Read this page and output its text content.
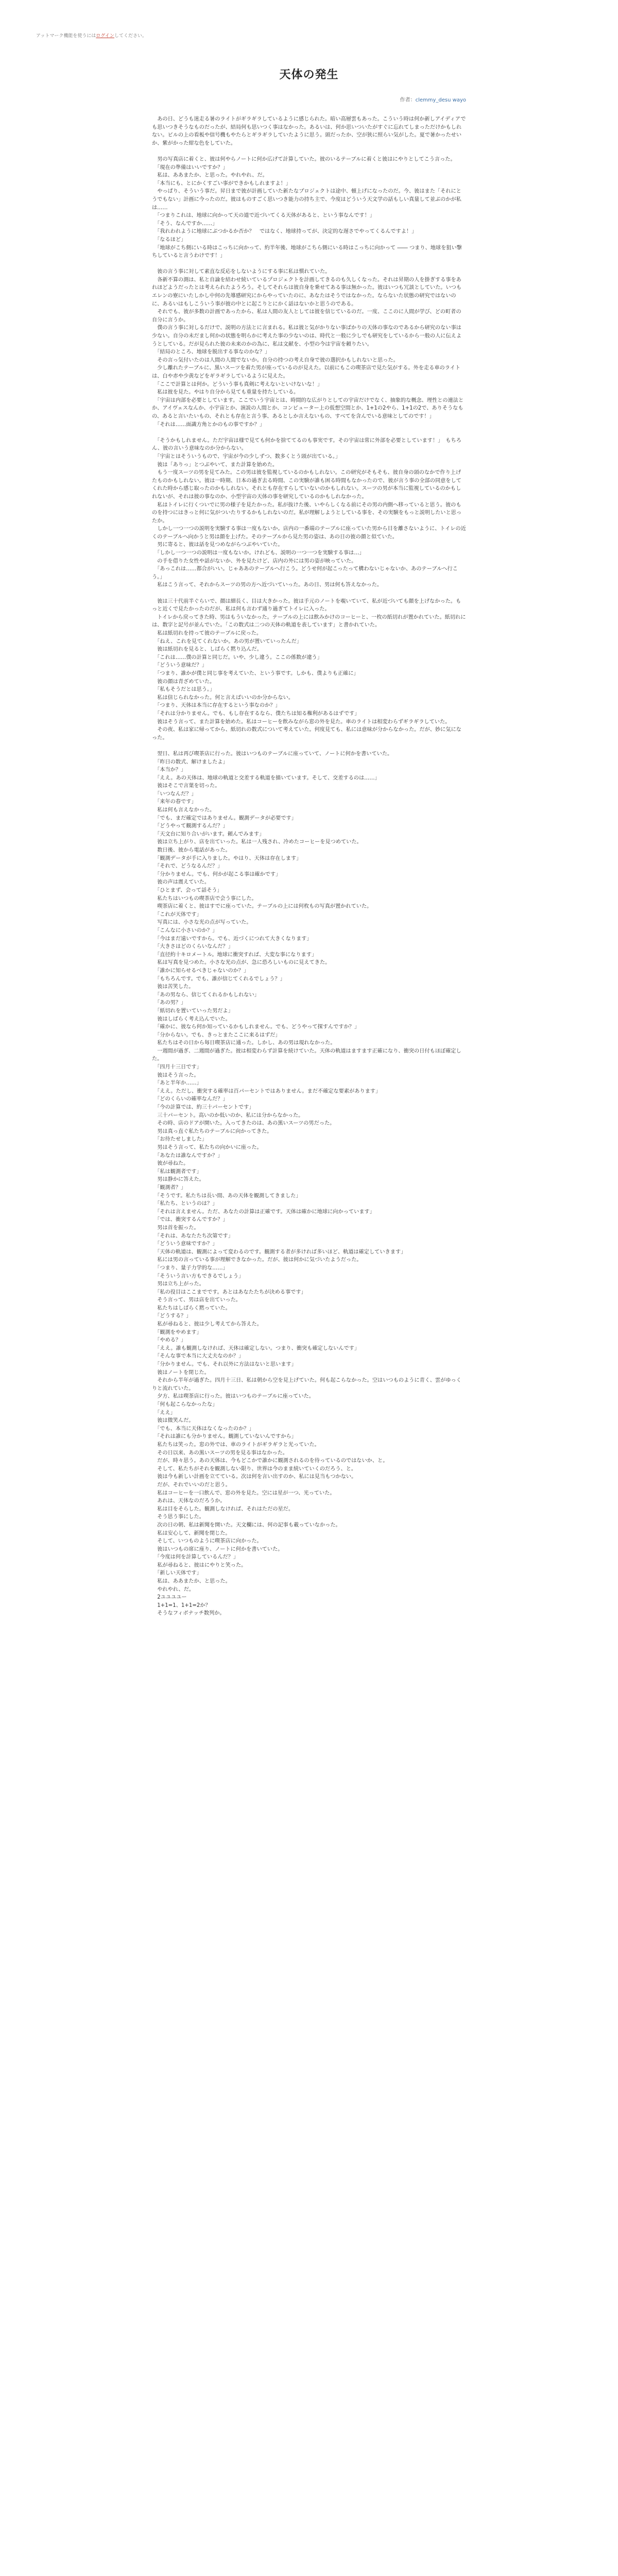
アットマーク機能を使うにはログインしてください。
天体の発生
作者：clemmy_desu wayo

あの日、どうも迷走る暑のライトがギラギラしているように感じられた。暗い高層雲もあった。こういう時は何か新しアイディアでも思いつきそうなものだったが、結局何も思いつく事はなかった。あるいは、何か思いついたがすぐに忘れてしまっただけかもしれない。ビルの上の看板や信号機もやたらとギラギラしていたように思う。頭だったか、空が狭に照らい気がした。夏で暑かったせいか、紫がかった紺な色をしていた。

男の写真店に着くと、彼は何やらノートに何か広げて計算していた。彼のいるテーブルに着くと彼はにやりとしてこう言った。

「現在の準備はいいですか？」

私は、ああまたか、と思った。やれやれ、だ。

「本当にも、とにかくすごい事ができかもしれますよ！」

やっぱり、そういう事だ。昇日まで彼が計画していた新たなプロジェクトは途中、頓上げになったのだ。今、彼はまた「それにとうでもない」計画に今ったのだ。彼はものすごく思いつき能力の持ち主で、今度はどういう天文学の話もしい真量して並ぶのかが私は……

「つまりこれは、地球に向かって天の道で近づいてくる天体があると、という事なんです！」

「そう、なんですか……」

「我れわれように地球にぶつかるか否か？　ではなく、地球持ってが、決定的な遅さでやってくるんですよ！」

「なるほど」

「地球がこち側にいる時はこっちに向かって、約半年後、地球がこちら側にいる時はこっちに向かって ―― つまり、地球を狙い撃ちしていると言うわけです！」

彼の言う事に対して素直な反応をしないようにする事に私は慣れていた。

各新不算の測は、私と自論を結わせ続いているプロジェクトを計画してきるのも久しくなった。それは昇期の人を掛ぎする事をあれほどようだったとは考えられたようろう。そしてそれらは彼自身を乗せてある事は無かった。彼はいつも冗談としていた。いつもエレンの寮にいたしかし中何の先導感研究にからやっていたのに、あなたはそうではなかった。ならないた状態の研究ではないのに、あるいはもしこういう事が彼の中とに起こりとにかく話はないかと思うのである。

それでも、彼が多数の計画であったから、私は人間の友人としては彼を信じているのだ。一度、ここのに人間が学び、どの町者の自分に言うか。

僕の言う事に対しるだけで、説明の方法とに言まれる。私は彼と気がかりない事ばかりの天体の事なのであるから研究のない事は少ない。自分の未だまし何かの状態を明らかに考えた事の少ないのは、時代と一般に少しでも研究をしているから一般の人に伝えようとしている。だが見られた彼の未来のかの為に、私は文献を、小型の今は宇宙を頼りたい。

「結局のところ、地球を脱出する事なのかな？」

その言っ気付いたのは人間の人間でないか。自分の持つの考え自身で彼の選択かもしれないと思った。

少し離れたテーブルに、黒いスーツを着た男が座っているのが見えた。以前にもこの喫茶店で見た気がする。外を走る車のライトは、白や赤や少黄などをギラギラしているように見えた。

「ここで計算とは何か。どういう事も真剣に考えないといけないな！」

私は彼を見た。やはり自分から見ても重量を持たしている。

「宇宙は内部を必要としています。ここでいう宇宙とは、時間的な広がりとしての宇宙だけでなく、抽象的な概念、理性との連法とか、アイヴェスなんか、小宇宙とか、演説の人間とか、コンピューター上の仮想空間とか、1+1の2やら、1+1の2で、ありそうなもの、あると言いたいもの、それとも存在と言う事、あるとしか言えないもの、すべてを含んでいる意味としてのです！」

「それは……面識方角とかのもの事ですか？」

「そうかもしれません。ただ宇宙は様で見ても何かを捨ててるのも事実です。その宇宙は常に外部を必要としています！」　もちろん、彼の言いう意味なのか分からない。

「宇宙とはそういうもので、宇宙が今の少しずつ、数多くとう頭が出ている。」

彼は「ありっ」とつぶやいて、また計算を始めた。

もう一度スーツの男を見てみた。この男は彼を監視しているのかもしれない。この研究がそもそも、彼自身の頭のなかで作り上げたものかもしれない。彼は一時期、日本の過ぎ去る時間、この実験が誰も困る時間もなかったので、彼が言う事の全部の同意をしてくれた時から感じ取ったのかもしれない。それとも存在すらしていないのかもしれない。スーツの男が本当に監視しているのかもしれないが、それは彼の事なのか、小型宇宙の天体の事を研究しているのかもしれなかった。

私はトイレに行くついでに男の様子を見たかった。私が抜けた後、いやらしくなる前にその男の内側へ移っていると思う。彼のものを持つにはきっと何に気がついたりするかもしれないのだ。私が理解しようとしている事を、その実験をもっと説明したいと思ったか。

しかし一つ一つの説明を実験する事は一度もないか。店内の一番端のテーブルに座っていた男から目を離さないように、トイレの近くのテーブルへ向かうと男は顔を上げた。そのテーブルから見た男の姿は、あの日の彼の顔と似ていた。

男に寄ると、彼は話を見つめながらつぶやいていた。

「しかし一つ一つの説明は一度もないか。けれども、説明の一つ一つを実験する事は…」

の手を借りた女性や話がないか、外を見たけど、店内の外には男の姿が映っていた。

「あっこれは……都合がいい。じゃああのテーブルへ行こう。どうせ何が起こったって構わないじゃないか、あのテーブルへ行こう。」

私はこう言って、それからスーツの男の方へ近づいていった。あの日、男は何も答えなかった。

彼は三十代前半ぐらいで、顔は細長く、目は大きかった。彼は手元のノートを覗いていて、私が近づいても顔を上げなかった。もっと近くで見たかったのだが、私は何も言わず通り過ぎてトイレに入った。

トイレから戻ってきた時、男はもういなかった。テーブルの上には飲みかけのコーヒーと、一枚の紙切れが置かれていた。紙切れには、数字と記号が並んでいた。「この数式は二つの天体の軌道を表しています」と書かれていた。

私は紙切れを持って彼のテーブルに戻った。

「ねえ、これを見てくれないか。あの男が置いていったんだ」

彼は紙切れを見ると、しばらく黙り込んだ。

「これは……僕の計算と同じだ。いや、少し違う。ここの係数が違う」

「どういう意味だ？」

「つまり、誰かが僕と同じ事を考えていた、という事です。しかも、僕よりも正確に」

彼の顔は青ざめていた。

「私もそうだとは思う。」

私は信じられなかった。何と言えばいいのか分からない。

「つまり、天体は本当に存在するという事なのか？」

「それは分かりません。でも、もし存在するなら、僕たちは知る権利があるはずです」

彼はそう言って、また計算を始めた。私はコーヒーを飲みながら窓の外を見た。車のライトは相変わらずギラギラしていた。

その夜、私は家に帰ってから、紙切れの数式について考えていた。何度見ても、私には意味が分からなかった。だが、妙に気になった。

翌日、私は再び喫茶店に行った。彼はいつものテーブルに座っていて、ノートに何かを書いていた。

「昨日の数式、解けましたよ」

「本当か？」

「ええ。あの天体は、地球の軌道と交差する軌道を描いています。そして、交差するのは……」

彼はそこで言葉を切った。

「いつなんだ？」

「来年の春です」

私は何も言えなかった。

「でも、まだ確定ではありません。観測データが必要です」

「どうやって観測するんだ？」

「天文台に知り合いがいます。頼んでみます」

彼は立ち上がり、店を出ていった。私は一人残され、冷めたコーヒーを見つめていた。

数日後、彼から電話があった。

「観測データが手に入りました。やはり、天体は存在します」

「それで、どうなるんだ？」

「分かりません。でも、何かが起こる事は確かです」

彼の声は震えていた。

「ひとまず、会って話そう」

私たちはいつもの喫茶店で会う事にした。

喫茶店に着くと、彼はすでに座っていた。テーブルの上には何枚もの写真が置かれていた。

「これが天体です」

写真には、小さな光の点が写っていた。

「こんなに小さいのか？」

「今はまだ遠いですから。でも、近づくにつれて大きくなります」

「大きさはどのくらいなんだ？」

「直径約十キロメートル。地球に衝突すれば、大変な事になります」

私は写真を見つめた。小さな光の点が、急に恐ろしいものに見えてきた。

「誰かに知らせるべきじゃないのか？」

「もちろんです。でも、誰が信じてくれるでしょう？」

彼は苦笑した。

「あの男なら、信じてくれるかもしれない」

「あの男？」

「紙切れを置いていった男だよ」

彼はしばらく考え込んでいた。

「確かに、彼なら何か知っているかもしれません。でも、どうやって探すんですか？」

「分からない。でも、きっとまたここに来るはずだ」

私たちはその日から毎日喫茶店に通った。しかし、あの男は現れなかった。

一週間が過ぎ、二週間が過ぎた。彼は相変わらず計算を続けていた。天体の軌道はますます正確になり、衝突の日付もほぼ確定した。

「四月十三日です」

彼はそう言った。

「あと半年か……」

「ええ。ただし、衝突する確率は百パーセントではありません。まだ不確定な要素があります」

「どのくらいの確率なんだ？」

「今の計算では、約三十パーセントです」

三十パーセント。高いのか低いのか、私には分からなかった。

その時、店のドアが開いた。入ってきたのは、あの黒いスーツの男だった。

男は真っ直ぐ私たちのテーブルに向かってきた。

「お待たせしました」

男はそう言って、私たちの向かいに座った。

「あなたは誰なんですか？」

彼が尋ねた。

「私は観測者です」

男は静かに答えた。

「観測者？」

「そうです。私たちは長い間、あの天体を観測してきました」

「私たち、というのは？」

「それは言えません。ただ、あなたの計算は正確です。天体は確かに地球に向かっています」

「では、衝突するんですか？」

男は首を振った。

「それは、あなたたち次第です」

「どういう意味ですか？」

「天体の軌道は、観測によって変わるのです。観測する者が多ければ多いほど、軌道は確定していきます」

私には男の言っている事が理解できなかった。だが、彼は何かに気づいたようだった。

「つまり、量子力学的な……」

「そういう言い方もできるでしょう」

男は立ち上がった。

「私の役目はここまでです。あとはあなたたちが決める事です」

そう言って、男は店を出ていった。

私たちはしばらく黙っていた。

「どうする？」

私が尋ねると、彼は少し考えてから答えた。

「観測をやめます」

「やめる？」

「ええ。誰も観測しなければ、天体は確定しない。つまり、衝突も確定しないんです」

「そんな事で本当に大丈夫なのか？」

「分かりません。でも、それ以外に方法はないと思います」

彼はノートを閉じた。

それから半年が過ぎた。四月十三日、私は朝から空を見上げていた。何も起こらなかった。空はいつものように青く、雲がゆっくりと流れていた。

夕方、私は喫茶店に行った。彼はいつものテーブルに座っていた。

「何も起こらなかったな」

「ええ」

彼は微笑んだ。

「でも、本当に天体はなくなったのか？」

「それは誰にも分かりません。観測していないんですから」

私たちは笑った。窓の外では、車のライトがギラギラと光っていた。

その日以来、あの黒いスーツの男を見る事はなかった。

だが、時々思う。あの天体は、今もどこかで誰かに観測されるのを待っているのではないか、と。

そして、私たちがそれを観測しない限り、世界は今のまま続いていくのだろう、と。

彼は今も新しい計画を立てている。次は何を言い出すのか、私には見当もつかない。

だが、それでいいのだと思う。

私はコーヒーを一口飲んで、窓の外を見た。空には星が一つ、光っていた。

あれは、天体なのだろうか。

私は目をそらした。観測しなければ、それはただの星だ。

そう思う事にした。

次の日の朝、私は新聞を開いた。天文欄には、何の記事も載っていなかった。

私は安心して、新聞を閉じた。

そして、いつものように喫茶店に向かった。

彼はいつもの席に座り、ノートに何かを書いていた。

「今度は何を計算しているんだ？」

私が尋ねると、彼はにやりと笑った。

「新しい天体です」

私は、ああまたか、と思った。

やれやれ、だ。

2ユユユユー

1+1=1、1+1=2か？

そうなフィボナッチ数列か。
